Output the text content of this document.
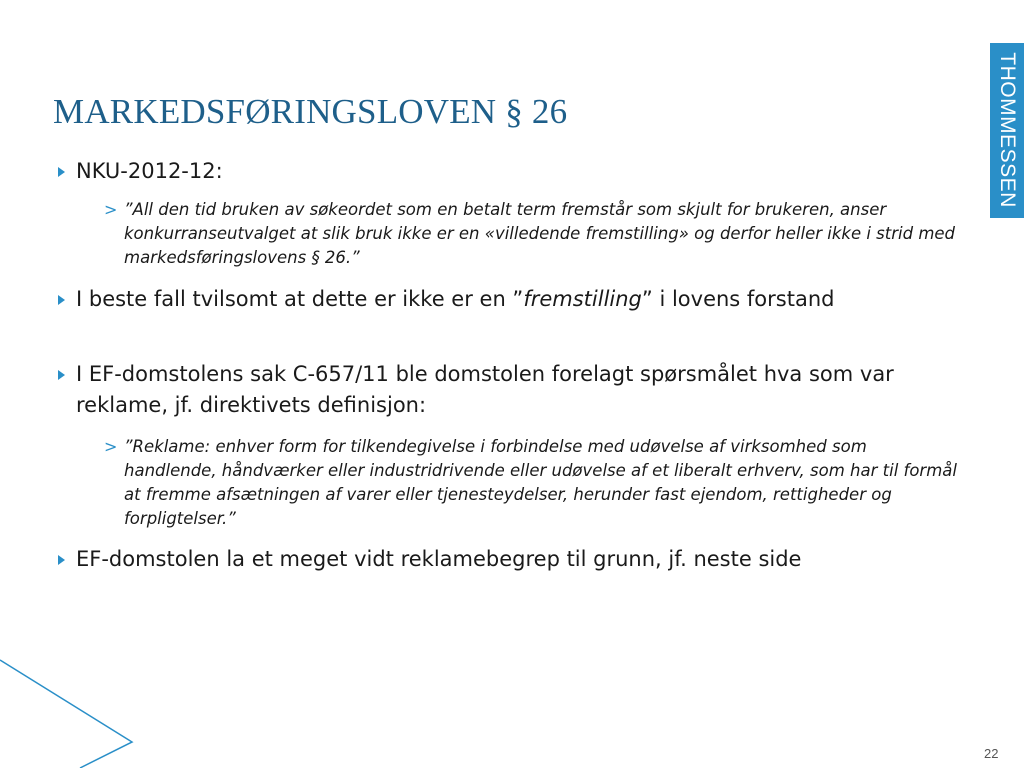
MARKEDSFØRINGSLOVEN § 26	THOMMESSEN
NKU-2012-12:
> ”All den tid bruken av søkeordet som en betalt term fremstår som skjult for brukeren, anser konkurranseutvalget at slik bruk ikke er en «villedende fremstilling» og derfor heller ikke i strid med markedsføringslovens § 26.”
I beste fall tvilsomt at dette er ikke er en ”fremstilling” i lovens forstand
I EF-domstolens sak C-657/11 ble domstolen forelagt spørsmålet hva som var reklame, jf. direktivets definisjon:
> ”Reklame: enhver form for tilkendegivelse i forbindelse med udøvelse af virksomhed som handlende, håndværker eller industridrivende eller udøvelse af et liberalt erhverv, som har til formål at fremme afsætningen af varer eller tjenesteydelser, herunder fast ejendom, rettigheder og forpligtelser.”
EF-domstolen la et meget vidt reklamebegrep til grunn, jf. neste side
22
